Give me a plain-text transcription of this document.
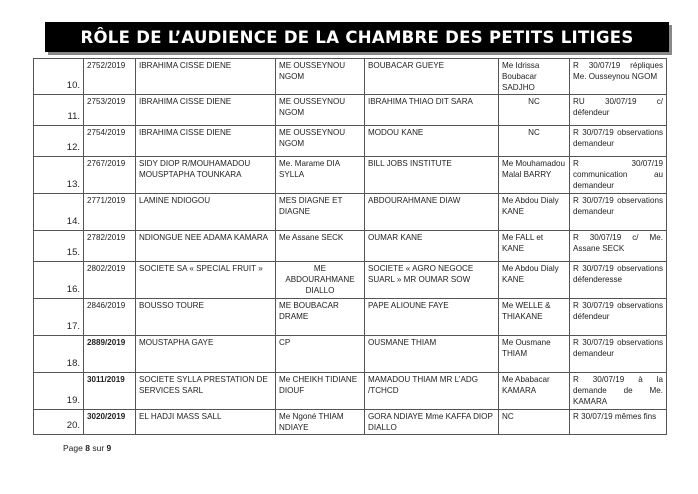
RÔLE DE L’AUDIENCE DE LA CHAMBRE DES PETITS LITIGES
10.	2752/2019	IBRAHIMA CISSE DIENE	ME OUSSEYNOU NGOM	BOUBACAR GUEYE	Me Idrissa Boubacar SADJHO	R 30/07/19 répliques Me. Ousseynou NGOM
11.	2753/2019	IBRAHIMA CISSE DIENE	ME OUSSEYNOU NGOM	IBRAHIMA THIAO DIT SARA	NC	RU 30/07/19 c/ défendeur
12.	2754/2019	IBRAHIMA CISSE DIENE	ME OUSSEYNOU NGOM	MODOU KANE	NC	R 30/07/19 observations demandeur
13.	2767/2019	SIDY DIOP R/MOUHAMADOU MOUSPTAPHA TOUNKARA	Me. Marame DIA SYLLA	BILL JOBS INSTITUTE	Me Mouhamadou Malal BARRY	R 30/07/19 communication au demandeur
14.	2771/2019	LAMINE NDIOGOU	MES DIAGNE ET DIAGNE	ABDOURAHMANE DIAW	Me Abdou Dialy KANE	R 30/07/19 observations demandeur
15.	2782/2019	NDIONGUE NEE ADAMA KAMARA	Me Assane SECK	OUMAR KANE	Me FALL et KANE	R 30/07/19 c/ Me. Assane SECK
16.	2802/2019	SOCIETE SA « SPECIAL FRUIT »	ME ABDOURAHMANE DIALLO	SOCIETE « AGRO NEGOCE SUARL » MR OUMAR SOW	Me Abdou Dialy KANE	R 30/07/19 observations défenderesse
17.	2846/2019	BOUSSO TOURE	ME BOUBACAR DRAME	PAPE ALIOUNE FAYE	Me WELLE & THIAKANE	R 30/07/19 observations défendeur
18.	2889/2019	MOUSTAPHA GAYE	CP	OUSMANE THIAM	Me Ousmane THIAM	R 30/07/19 observations demandeur
19.	3011/2019	SOCIETE SYLLA PRESTATION DE SERVICES SARL	Me CHEIKH TIDIANE DIOUF	MAMADOU THIAM MR L’ADG /TCHCD	Me Ababacar KAMARA	R 30/07/19 à la demande de Me. KAMARA
20.	3020/2019	EL HADJI MASS SALL	Me Ngoné THIAM NDIAYE	GORA NDIAYE Mme KAFFA DIOP DIALLO	NC	R 30/07/19 mêmes fins
Page 8 sur 9
